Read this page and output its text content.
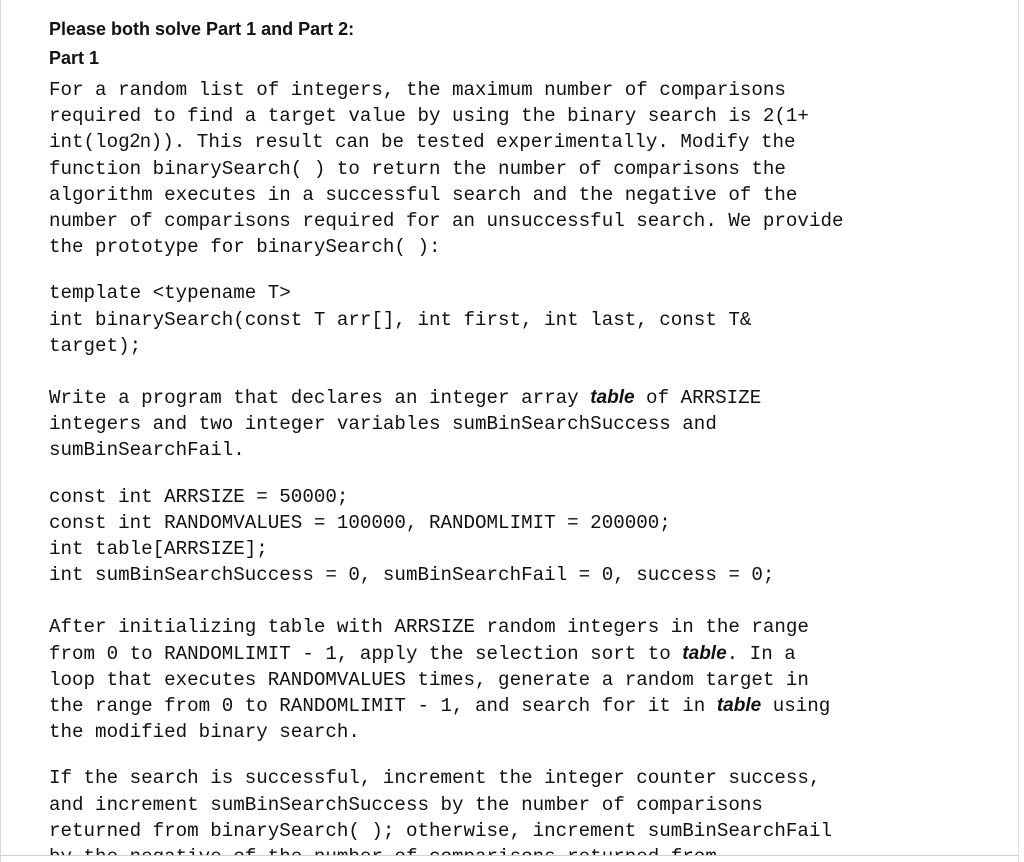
Please both solve Part 1 and Part 2:
Part 1
For a random list of integers, the maximum number of comparisons
required to find a target value by using the binary search is 2(1+
int(log2n)). This result can be tested experimentally. Modify the
function binarySearch( ) to return the number of comparisons the
algorithm executes in a successful search and the negative of the
number of comparisons required for an unsuccessful search. We provide
the prototype for binarySearch( ):
template <typename T>
int binarySearch(const T arr[], int first, int last, const T&
target);
Write a program that declares an integer array table of ARRSIZE
integers and two integer variables sumBinSearchSuccess and
sumBinSearchFail.
const int ARRSIZE = 50000;
const int RANDOMVALUES = 100000, RANDOMLIMIT = 200000;
int table[ARRSIZE];
int sumBinSearchSuccess = 0, sumBinSearchFail = 0, success = 0;
After initializing table with ARRSIZE random integers in the range
from 0 to RANDOMLIMIT - 1, apply the selection sort to table. In a
loop that executes RANDOMVALUES times, generate a random target in
the range from 0 to RANDOMLIMIT - 1, and search for it in table using
the modified binary search.
If the search is successful, increment the integer counter success,
and increment sumBinSearchSuccess by the number of comparisons
returned from binarySearch( ); otherwise, increment sumBinSearchFail
